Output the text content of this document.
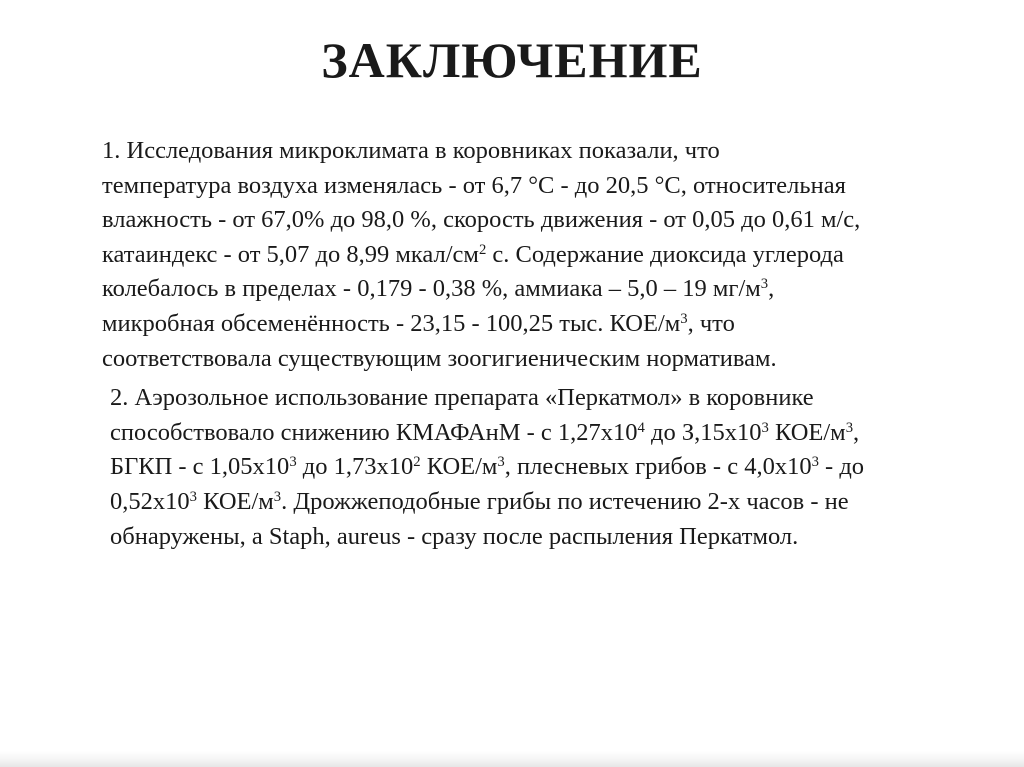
ЗАКЛЮЧЕНИЕ

1. Исследования микроклимата в коровниках показали, что
температура воздуха изменялась - от 6,7 °С - до 20,5 °С, относительная
влажность - от 67,0% до 98,0 %, скорость движения - от 0,05 до 0,61 м/с,
катаиндекс - от 5,07 до 8,99 мкал/$см^2$ с. Содержание диоксида углерода
колебалось в пределах - 0,179 - 0,38 %, аммиака – 5,0 – 19 $мг/м^3$,
микробная обсеменённость - 23,15 - 100,25 тыс. КОЕ/$м^3$, что
соответствовала существующим зоогигиеническим нормативам.

2. Аэрозольное использование препарата «Перкатмол» в коровнике
способствовало снижению КМАФАнМ - с $1,27х10^4$ до $З,15х10^3$ КОЕ/$м^3$,
БГКП - с $1,05х10^3$ до $1,73х10^2$ КОЕ/$м^3$, плесневых грибов - с $4,0х10^3$ - до
$0,52х10^3$ КОЕ/$м^3$. Дрожжеподобные грибы по истечению 2-х часов - не
обнаружены, а Staph, aureus - сразу после распыления Перкатмол.
